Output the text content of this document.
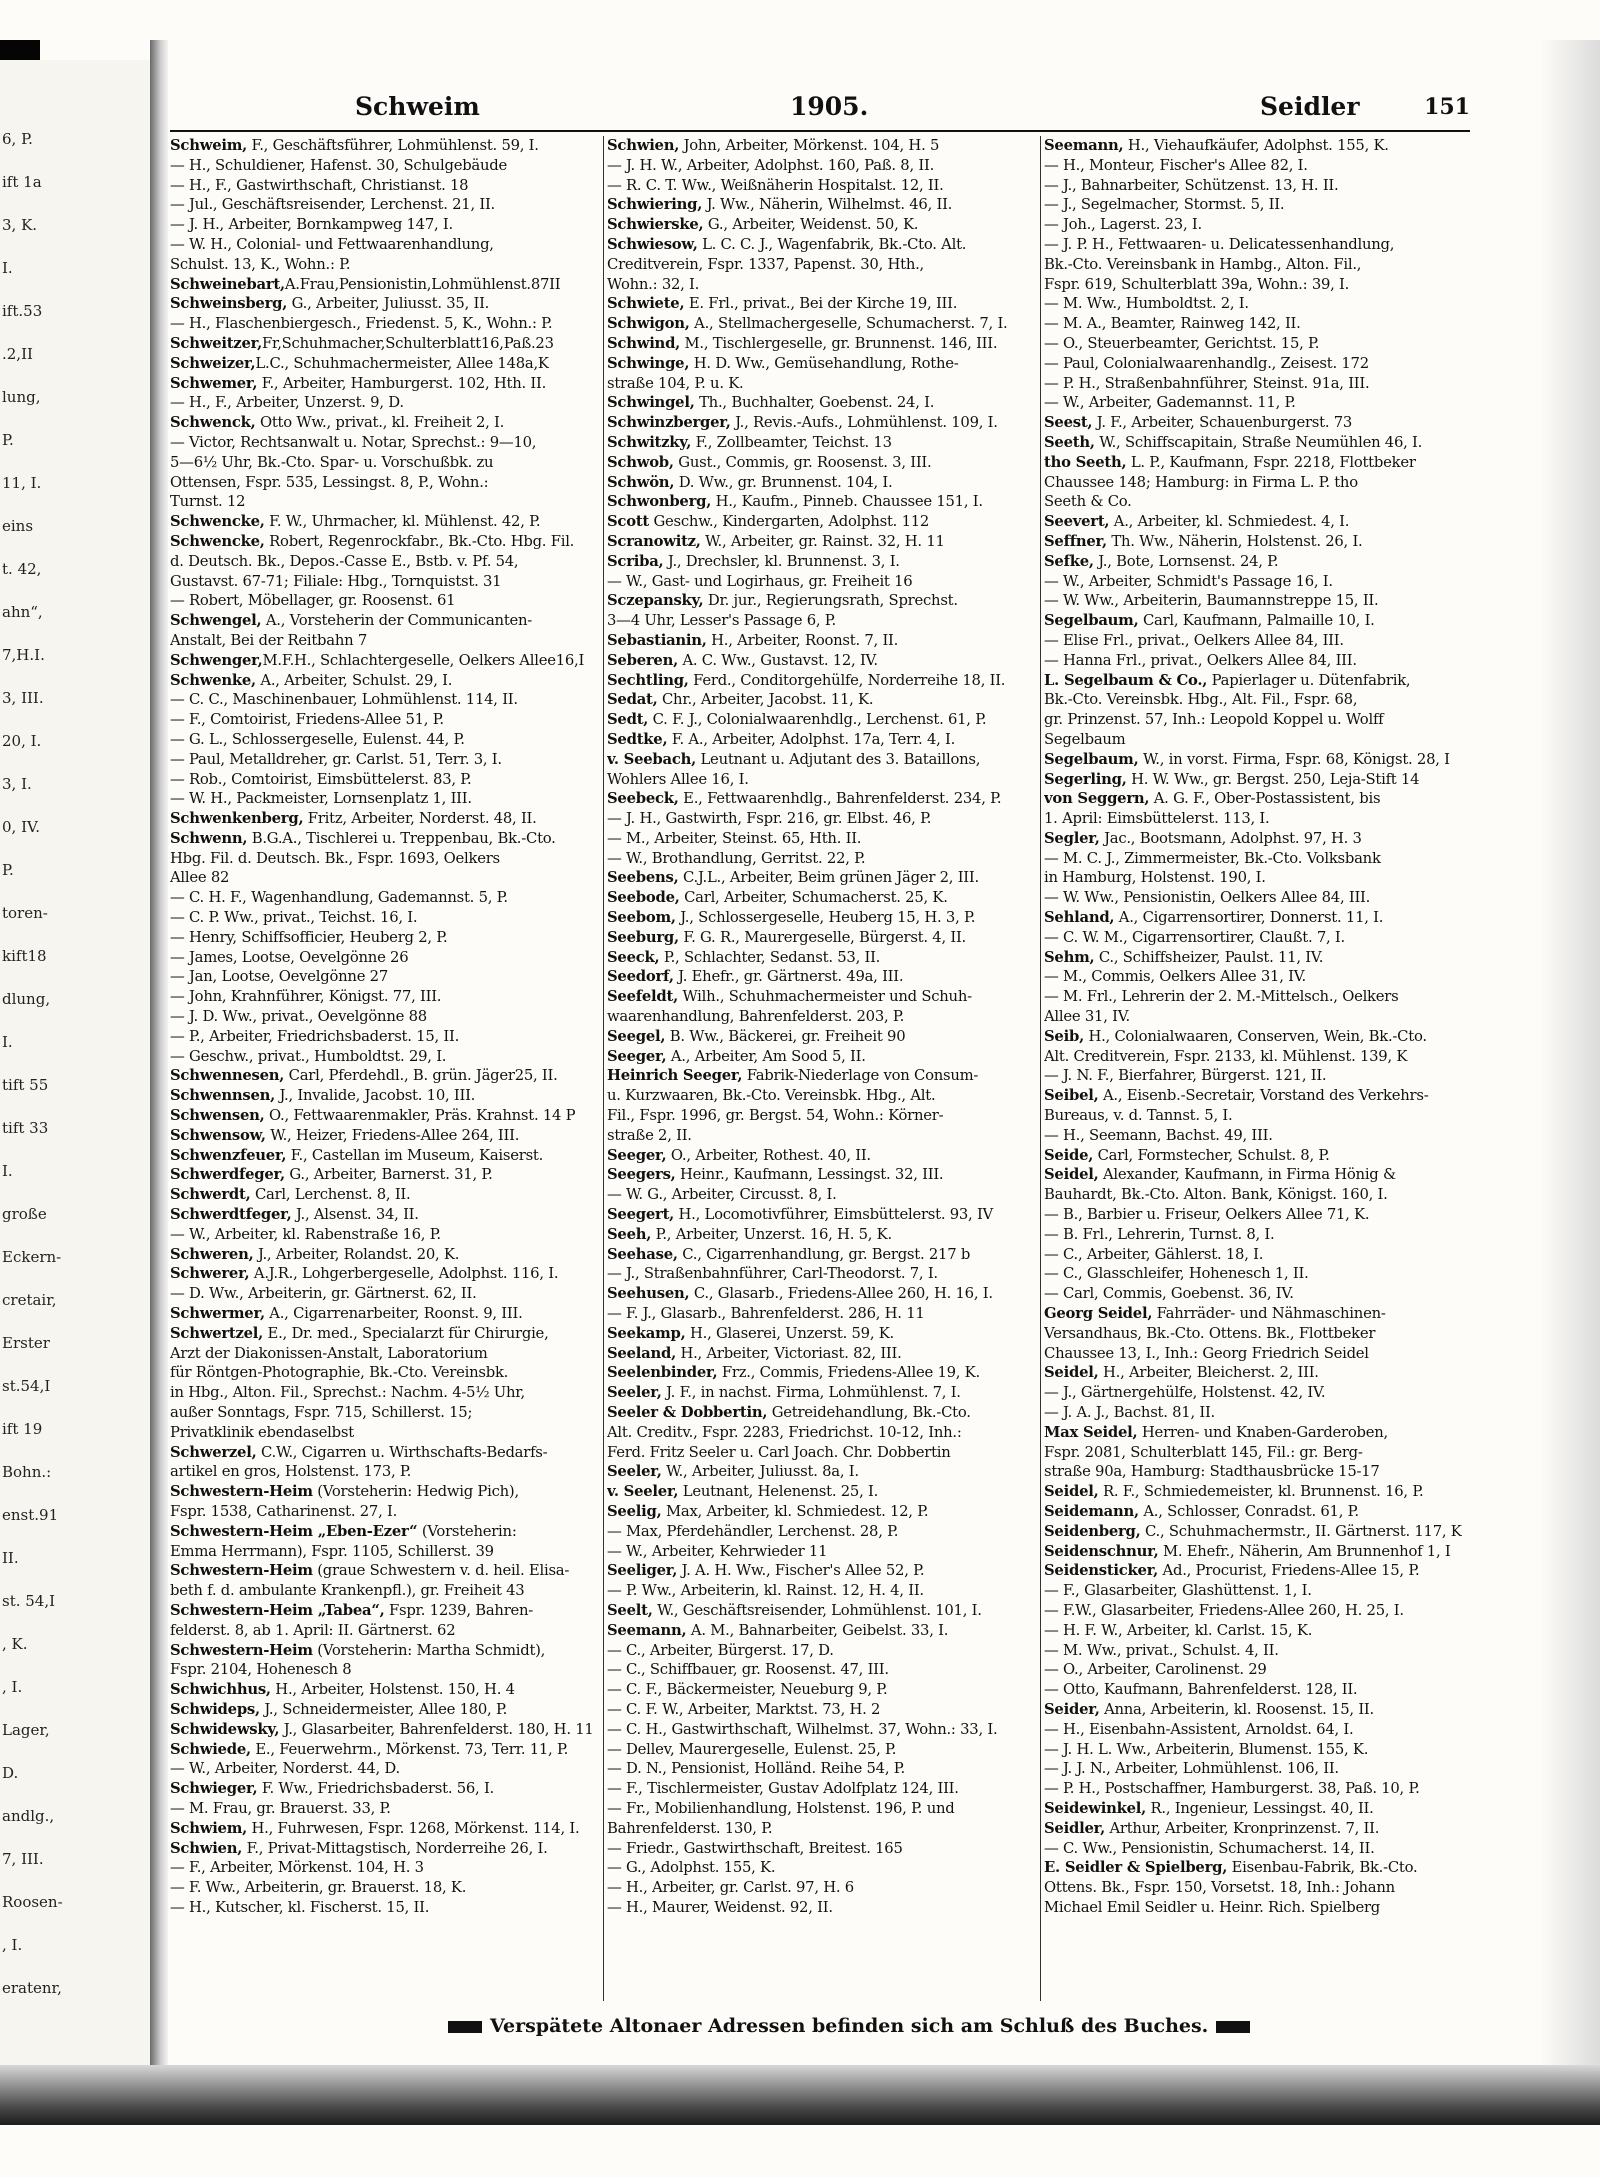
6, P.
ift 1a
3, K.
I.
ift.53
.2,II
lung,
P.
11, I.
eins
t. 42,
ahn“,
7,H.I.
3, III.
20, I.
3, I.
0, IV.
P.
toren-
kift18
dlung,
I.
tift 55
tift 33
I.
große
Eckern-
cretair,
Erster
st.54,I
ift 19
Bohn.:
enst.91
II.
st. 54,I
, K.
, I.
Lager,
D.
andlg.,
7, III.
Roosen-
, I.
eratenr,
Schweim	1905.	Seidler	151
Schweim, F., Geschäftsführer, Lohmühlenst. 59, I.
— H., Schuldiener, Hafenst. 30, Schulgebäude
— H., F., Gastwirthschaft, Christianst. 18
— Jul., Geschäftsreisender, Lerchenst. 21, II.
— J. H., Arbeiter, Bornkampweg 147, I.
— W. H., Colonial- und Fettwaarenhandlung,
Schulst. 13, K., Wohn.: P.
Schweinebart,A.Frau,Pensionistin,Lohmühlenst.87II
Schweinsberg, G., Arbeiter, Juliusst. 35, II.
— H., Flaschenbiergesch., Friedenst. 5, K., Wohn.: P.
Schweitzer,Fr,Schuhmacher,Schulterblatt16,Paß.23
Schweizer,L.C., Schuhmachermeister, Allee 148a,K
Schwemer, F., Arbeiter, Hamburgerst. 102, Hth. II.
— H., F., Arbeiter, Unzerst. 9, D.
Schwenck, Otto Ww., privat., kl. Freiheit 2, I.
— Victor, Rechtsanwalt u. Notar, Sprechst.: 9—10,
5—6½ Uhr, Bk.-Cto. Spar- u. Vorschußbk. zu
Ottensen, Fspr. 535, Lessingst. 8, P., Wohn.:
Turnst. 12
Schwencke, F. W., Uhrmacher, kl. Mühlenst. 42, P.
Schwencke, Robert, Regenrockfabr., Bk.-Cto. Hbg. Fil.
d. Deutsch. Bk., Depos.-Casse E., Bstb. v. Pf. 54,
Gustavst. 67-71; Filiale: Hbg., Tornquistst. 31
— Robert, Möbellager, gr. Roosenst. 61
Schwengel, A., Vorsteherin der Communicanten-
Anstalt, Bei der Reitbahn 7
Schwenger,M.F.H., Schlachtergeselle, Oelkers Allee16,I
Schwenke, A., Arbeiter, Schulst. 29, I.
— C. C., Maschinenbauer, Lohmühlenst. 114, II.
— F., Comtoirist, Friedens-Allee 51, P.
— G. L., Schlossergeselle, Eulenst. 44, P.
— Paul, Metalldreher, gr. Carlst. 51, Terr. 3, I.
— Rob., Comtoirist, Eimsbüttelerst. 83, P.
— W. H., Packmeister, Lornsenplatz 1, III.
Schwenkenberg, Fritz, Arbeiter, Norderst. 48, II.
Schwenn, B.G.A., Tischlerei u. Treppenbau, Bk.-Cto.
Hbg. Fil. d. Deutsch. Bk., Fspr. 1693, Oelkers
Allee 82
— C. H. F., Wagenhandlung, Gademannst. 5, P.
— C. P. Ww., privat., Teichst. 16, I.
— Henry, Schiffsofficier, Heuberg 2, P.
— James, Lootse, Oevelgönne 26
— Jan, Lootse, Oevelgönne 27
— John, Krahnführer, Königst. 77, III.
— J. D. Ww., privat., Oevelgönne 88
— P., Arbeiter, Friedrichsbaderst. 15, II.
— Geschw., privat., Humboldtst. 29, I.
Schwennesen, Carl, Pferdehdl., B. grün. Jäger25, II.
Schwennsen, J., Invalide, Jacobst. 10, III.
Schwensen, O., Fettwaarenmakler, Präs. Krahnst. 14 P
Schwensow, W., Heizer, Friedens-Allee 264, III.
Schwenzfeuer, F., Castellan im Museum, Kaiserst.
Schwerdfeger, G., Arbeiter, Barnerst. 31, P.
Schwerdt, Carl, Lerchenst. 8, II.
Schwerdtfeger, J., Alsenst. 34, II.
— W., Arbeiter, kl. Rabenstraße 16, P.
Schweren, J., Arbeiter, Rolandst. 20, K.
Schwerer, A.J.R., Lohgerbergeselle, Adolphst. 116, I.
— D. Ww., Arbeiterin, gr. Gärtnerst. 62, II.
Schwermer, A., Cigarrenarbeiter, Roonst. 9, III.
Schwertzel, E., Dr. med., Specialarzt für Chirurgie,
Arzt der Diakonissen-Anstalt, Laboratorium
für Röntgen-Photographie, Bk.-Cto. Vereinsbk.
in Hbg., Alton. Fil., Sprechst.: Nachm. 4-5½ Uhr,
außer Sonntags, Fspr. 715, Schillerst. 15;
Privatklinik ebendaselbst
Schwerzel, C.W., Cigarren u. Wirthschafts-Bedarfs-
artikel en gros, Holstenst. 173, P.
Schwestern-Heim (Vorsteherin: Hedwig Pich),
Fspr. 1538, Catharinenst. 27, I.
Schwestern-Heim „Eben-Ezer“ (Vorsteherin:
Emma Herrmann), Fspr. 1105, Schillerst. 39
Schwestern-Heim (graue Schwestern v. d. heil. Elisa-
beth f. d. ambulante Krankenpfl.), gr. Freiheit 43
Schwestern-Heim „Tabea“, Fspr. 1239, Bahren-
felderst. 8, ab 1. April: II. Gärtnerst. 62
Schwestern-Heim (Vorsteherin: Martha Schmidt),
Fspr. 2104, Hohenesch 8
Schwichhus, H., Arbeiter, Holstenst. 150, H. 4
Schwideps, J., Schneidermeister, Allee 180, P.
Schwidewsky, J., Glasarbeiter, Bahrenfelderst. 180, H. 11
Schwiede, E., Feuerwehrm., Mörkenst. 73, Terr. 11, P.
— W., Arbeiter, Norderst. 44, D.
Schwieger, F. Ww., Friedrichsbaderst. 56, I.
— M. Frau, gr. Brauerst. 33, P.
Schwiem, H., Fuhrwesen, Fspr. 1268, Mörkenst. 114, I.
Schwien, F., Privat-Mittagstisch, Norderreihe 26, I.
— F., Arbeiter, Mörkenst. 104, H. 3
— F. Ww., Arbeiterin, gr. Brauerst. 18, K.
— H., Kutscher, kl. Fischerst. 15, II.
Schwien, John, Arbeiter, Mörkenst. 104, H. 5
— J. H. W., Arbeiter, Adolphst. 160, Paß. 8, II.
— R. C. T. Ww., Weißnäherin Hospitalst. 12, II.
Schwiering, J. Ww., Näherin, Wilhelmst. 46, II.
Schwierske, G., Arbeiter, Weidenst. 50, K.
Schwiesow, L. C. C. J., Wagenfabrik, Bk.-Cto. Alt.
Creditverein, Fspr. 1337, Papenst. 30, Hth.,
Wohn.: 32, I.
Schwiete, E. Frl., privat., Bei der Kirche 19, III.
Schwigon, A., Stellmachergeselle, Schumacherst. 7, I.
Schwind, M., Tischlergeselle, gr. Brunnenst. 146, III.
Schwinge, H. D. Ww., Gemüsehandlung, Rothe-
straße 104, P. u. K.
Schwingel, Th., Buchhalter, Goebenst. 24, I.
Schwinzberger, J., Revis.-Aufs., Lohmühlenst. 109, I.
Schwitzky, F., Zollbeamter, Teichst. 13
Schwob, Gust., Commis, gr. Roosenst. 3, III.
Schwön, D. Ww., gr. Brunnenst. 104, I.
Schwonberg, H., Kaufm., Pinneb. Chaussee 151, I.
Scott Geschw., Kindergarten, Adolphst. 112
Scranowitz, W., Arbeiter, gr. Rainst. 32, H. 11
Scriba, J., Drechsler, kl. Brunnenst. 3, I.
— W., Gast- und Logirhaus, gr. Freiheit 16
Sczepansky, Dr. jur., Regierungsrath, Sprechst.
3—4 Uhr, Lesser's Passage 6, P.
Sebastianin, H., Arbeiter, Roonst. 7, II.
Seberen, A. C. Ww., Gustavst. 12, IV.
Sechtling, Ferd., Conditorgehülfe, Norderreihe 18, II.
Sedat, Chr., Arbeiter, Jacobst. 11, K.
Sedt, C. F. J., Colonialwaarenhdlg., Lerchenst. 61, P.
Sedtke, F. A., Arbeiter, Adolphst. 17a, Terr. 4, I.
v. Seebach, Leutnant u. Adjutant des 3. Bataillons,
Wohlers Allee 16, I.
Seebeck, E., Fettwaarenhdlg., Bahrenfelderst. 234, P.
— J. H., Gastwirth, Fspr. 216, gr. Elbst. 46, P.
— M., Arbeiter, Steinst. 65, Hth. II.
— W., Brothandlung, Gerritst. 22, P.
Seebens, C.J.L., Arbeiter, Beim grünen Jäger 2, III.
Seebode, Carl, Arbeiter, Schumacherst. 25, K.
Seebom, J., Schlossergeselle, Heuberg 15, H. 3, P.
Seeburg, F. G. R., Maurergeselle, Bürgerst. 4, II.
Seeck, P., Schlachter, Sedanst. 53, II.
Seedorf, J. Ehefr., gr. Gärtnerst. 49a, III.
Seefeldt, Wilh., Schuhmachermeister und Schuh-
waarenhandlung, Bahrenfelderst. 203, P.
Seegel, B. Ww., Bäckerei, gr. Freiheit 90
Seeger, A., Arbeiter, Am Sood 5, II.
Heinrich Seeger, Fabrik-Niederlage von Consum-
u. Kurzwaaren, Bk.-Cto. Vereinsbk. Hbg., Alt.
Fil., Fspr. 1996, gr. Bergst. 54, Wohn.: Körner-
straße 2, II.
Seeger, O., Arbeiter, Rothest. 40, II.
Seegers, Heinr., Kaufmann, Lessingst. 32, III.
— W. G., Arbeiter, Circusst. 8, I.
Seegert, H., Locomotivführer, Eimsbüttelerst. 93, IV
Seeh, P., Arbeiter, Unzerst. 16, H. 5, K.
Seehase, C., Cigarrenhandlung, gr. Bergst. 217 b
— J., Straßenbahnführer, Carl-Theodorst. 7, I.
Seehusen, C., Glasarb., Friedens-Allee 260, H. 16, I.
— F. J., Glasarb., Bahrenfelderst. 286, H. 11
Seekamp, H., Glaserei, Unzerst. 59, K.
Seeland, H., Arbeiter, Victoriast. 82, III.
Seelenbinder, Frz., Commis, Friedens-Allee 19, K.
Seeler, J. F., in nachst. Firma, Lohmühlenst. 7, I.
Seeler & Dobbertin, Getreidehandlung, Bk.-Cto.
Alt. Creditv., Fspr. 2283, Friedrichst. 10-12, Inh.:
Ferd. Fritz Seeler u. Carl Joach. Chr. Dobbertin
Seeler, W., Arbeiter, Juliusst. 8a, I.
v. Seeler, Leutnant, Helenenst. 25, I.
Seelig, Max, Arbeiter, kl. Schmiedest. 12, P.
— Max, Pferdehändler, Lerchenst. 28, P.
— W., Arbeiter, Kehrwieder 11
Seeliger, J. A. H. Ww., Fischer's Allee 52, P.
— P. Ww., Arbeiterin, kl. Rainst. 12, H. 4, II.
Seelt, W., Geschäftsreisender, Lohmühlenst. 101, I.
Seemann, A. M., Bahnarbeiter, Geibelst. 33, I.
— C., Arbeiter, Bürgerst. 17, D.
— C., Schiffbauer, gr. Roosenst. 47, III.
— C. F., Bäckermeister, Neueburg 9, P.
— C. F. W., Arbeiter, Marktst. 73, H. 2
— C. H., Gastwirthschaft, Wilhelmst. 37, Wohn.: 33, I.
— Dellev, Maurergeselle, Eulenst. 25, P.
— D. N., Pensionist, Holländ. Reihe 54, P.
— F., Tischlermeister, Gustav Adolfplatz 124, III.
— Fr., Mobilienhandlung, Holstenst. 196, P. und
Bahrenfelderst. 130, P.
— Friedr., Gastwirthschaft, Breitest. 165
— G., Adolphst. 155, K.
— H., Arbeiter, gr. Carlst. 97, H. 6
— H., Maurer, Weidenst. 92, II.
Seemann, H., Viehaufkäufer, Adolphst. 155, K.
— H., Monteur, Fischer's Allee 82, I.
— J., Bahnarbeiter, Schützenst. 13, H. II.
— J., Segelmacher, Stormst. 5, II.
— Joh., Lagerst. 23, I.
— J. P. H., Fettwaaren- u. Delicatessenhandlung,
Bk.-Cto. Vereinsbank in Hambg., Alton. Fil.,
Fspr. 619, Schulterblatt 39a, Wohn.: 39, I.
— M. Ww., Humboldtst. 2, I.
— M. A., Beamter, Rainweg 142, II.
— O., Steuerbeamter, Gerichtst. 15, P.
— Paul, Colonialwaarenhandlg., Zeisest. 172
— P. H., Straßenbahnführer, Steinst. 91a, III.
— W., Arbeiter, Gademannst. 11, P.
Seest, J. F., Arbeiter, Schauenburgerst. 73
Seeth, W., Schiffscapitain, Straße Neumühlen 46, I.
tho Seeth, L. P., Kaufmann, Fspr. 2218, Flottbeker
Chaussee 148; Hamburg: in Firma L. P. tho
Seeth & Co.
Seevert, A., Arbeiter, kl. Schmiedest. 4, I.
Seffner, Th. Ww., Näherin, Holstenst. 26, I.
Sefke, J., Bote, Lornsenst. 24, P.
— W., Arbeiter, Schmidt's Passage 16, I.
— W. Ww., Arbeiterin, Baumannstreppe 15, II.
Segelbaum, Carl, Kaufmann, Palmaille 10, I.
— Elise Frl., privat., Oelkers Allee 84, III.
— Hanna Frl., privat., Oelkers Allee 84, III.
L. Segelbaum & Co., Papierlager u. Dütenfabrik,
Bk.-Cto. Vereinsbk. Hbg., Alt. Fil., Fspr. 68,
gr. Prinzenst. 57, Inh.: Leopold Koppel u. Wolff
Segelbaum
Segelbaum, W., in vorst. Firma, Fspr. 68, Königst. 28, I
Segerling, H. W. Ww., gr. Bergst. 250, Leja-Stift 14
von Seggern, A. G. F., Ober-Postassistent, bis
1. April: Eimsbüttelerst. 113, I.
Segler, Jac., Bootsmann, Adolphst. 97, H. 3
— M. C. J., Zimmermeister, Bk.-Cto. Volksbank
in Hamburg, Holstenst. 190, I.
— W. Ww., Pensionistin, Oelkers Allee 84, III.
Sehland, A., Cigarrensortirer, Donnerst. 11, I.
— C. W. M., Cigarrensortirer, Claußt. 7, I.
Sehm, C., Schiffsheizer, Paulst. 11, IV.
— M., Commis, Oelkers Allee 31, IV.
— M. Frl., Lehrerin der 2. M.-Mittelsch., Oelkers
Allee 31, IV.
Seib, H., Colonialwaaren, Conserven, Wein, Bk.-Cto.
Alt. Creditverein, Fspr. 2133, kl. Mühlenst. 139, K
— J. N. F., Bierfahrer, Bürgerst. 121, II.
Seibel, A., Eisenb.-Secretair, Vorstand des Verkehrs-
Bureaus, v. d. Tannst. 5, I.
— H., Seemann, Bachst. 49, III.
Seide, Carl, Formstecher, Schulst. 8, P.
Seidel, Alexander, Kaufmann, in Firma Hönig &
Bauhardt, Bk.-Cto. Alton. Bank, Königst. 160, I.
— B., Barbier u. Friseur, Oelkers Allee 71, K.
— B. Frl., Lehrerin, Turnst. 8, I.
— C., Arbeiter, Gählerst. 18, I.
— C., Glasschleifer, Hohenesch 1, II.
— Carl, Commis, Goebenst. 36, IV.
Georg Seidel, Fahrräder- und Nähmaschinen-
Versandhaus, Bk.-Cto. Ottens. Bk., Flottbeker
Chaussee 13, I., Inh.: Georg Friedrich Seidel
Seidel, H., Arbeiter, Bleicherst. 2, III.
— J., Gärtnergehülfe, Holstenst. 42, IV.
— J. A. J., Bachst. 81, II.
Max Seidel, Herren- und Knaben-Garderoben,
Fspr. 2081, Schulterblatt 145, Fil.: gr. Berg-
straße 90a, Hamburg: Stadthausbrücke 15-17
Seidel, R. F., Schmiedemeister, kl. Brunnenst. 16, P.
Seidemann, A., Schlosser, Conradst. 61, P.
Seidenberg, C., Schuhmachermstr., II. Gärtnerst. 117, K
Seidenschnur, M. Ehefr., Näherin, Am Brunnenhof 1, I
Seidensticker, Ad., Procurist, Friedens-Allee 15, P.
— F., Glasarbeiter, Glashüttenst. 1, I.
— F.W., Glasarbeiter, Friedens-Allee 260, H. 25, I.
— H. F. W., Arbeiter, kl. Carlst. 15, K.
— M. Ww., privat., Schulst. 4, II.
— O., Arbeiter, Carolinenst. 29
— Otto, Kaufmann, Bahrenfelderst. 128, II.
Seider, Anna, Arbeiterin, kl. Roosenst. 15, II.
— H., Eisenbahn-Assistent, Arnoldst. 64, I.
— J. H. L. Ww., Arbeiterin, Blumenst. 155, K.
— J. J. N., Arbeiter, Lohmühlenst. 106, II.
— P. H., Postschaffner, Hamburgerst. 38, Paß. 10, P.
Seidewinkel, R., Ingenieur, Lessingst. 40, II.
Seidler, Arthur, Arbeiter, Kronprinzenst. 7, II.
— C. Ww., Pensionistin, Schumacherst. 14, II.
E. Seidler & Spielberg, Eisenbau-Fabrik, Bk.-Cto.
Ottens. Bk., Fspr. 150, Vorsetst. 18, Inh.: Johann
Michael Emil Seidler u. Heinr. Rich. Spielberg
Verspätete Altonaer Adressen befinden sich am Schluß des Buches.
